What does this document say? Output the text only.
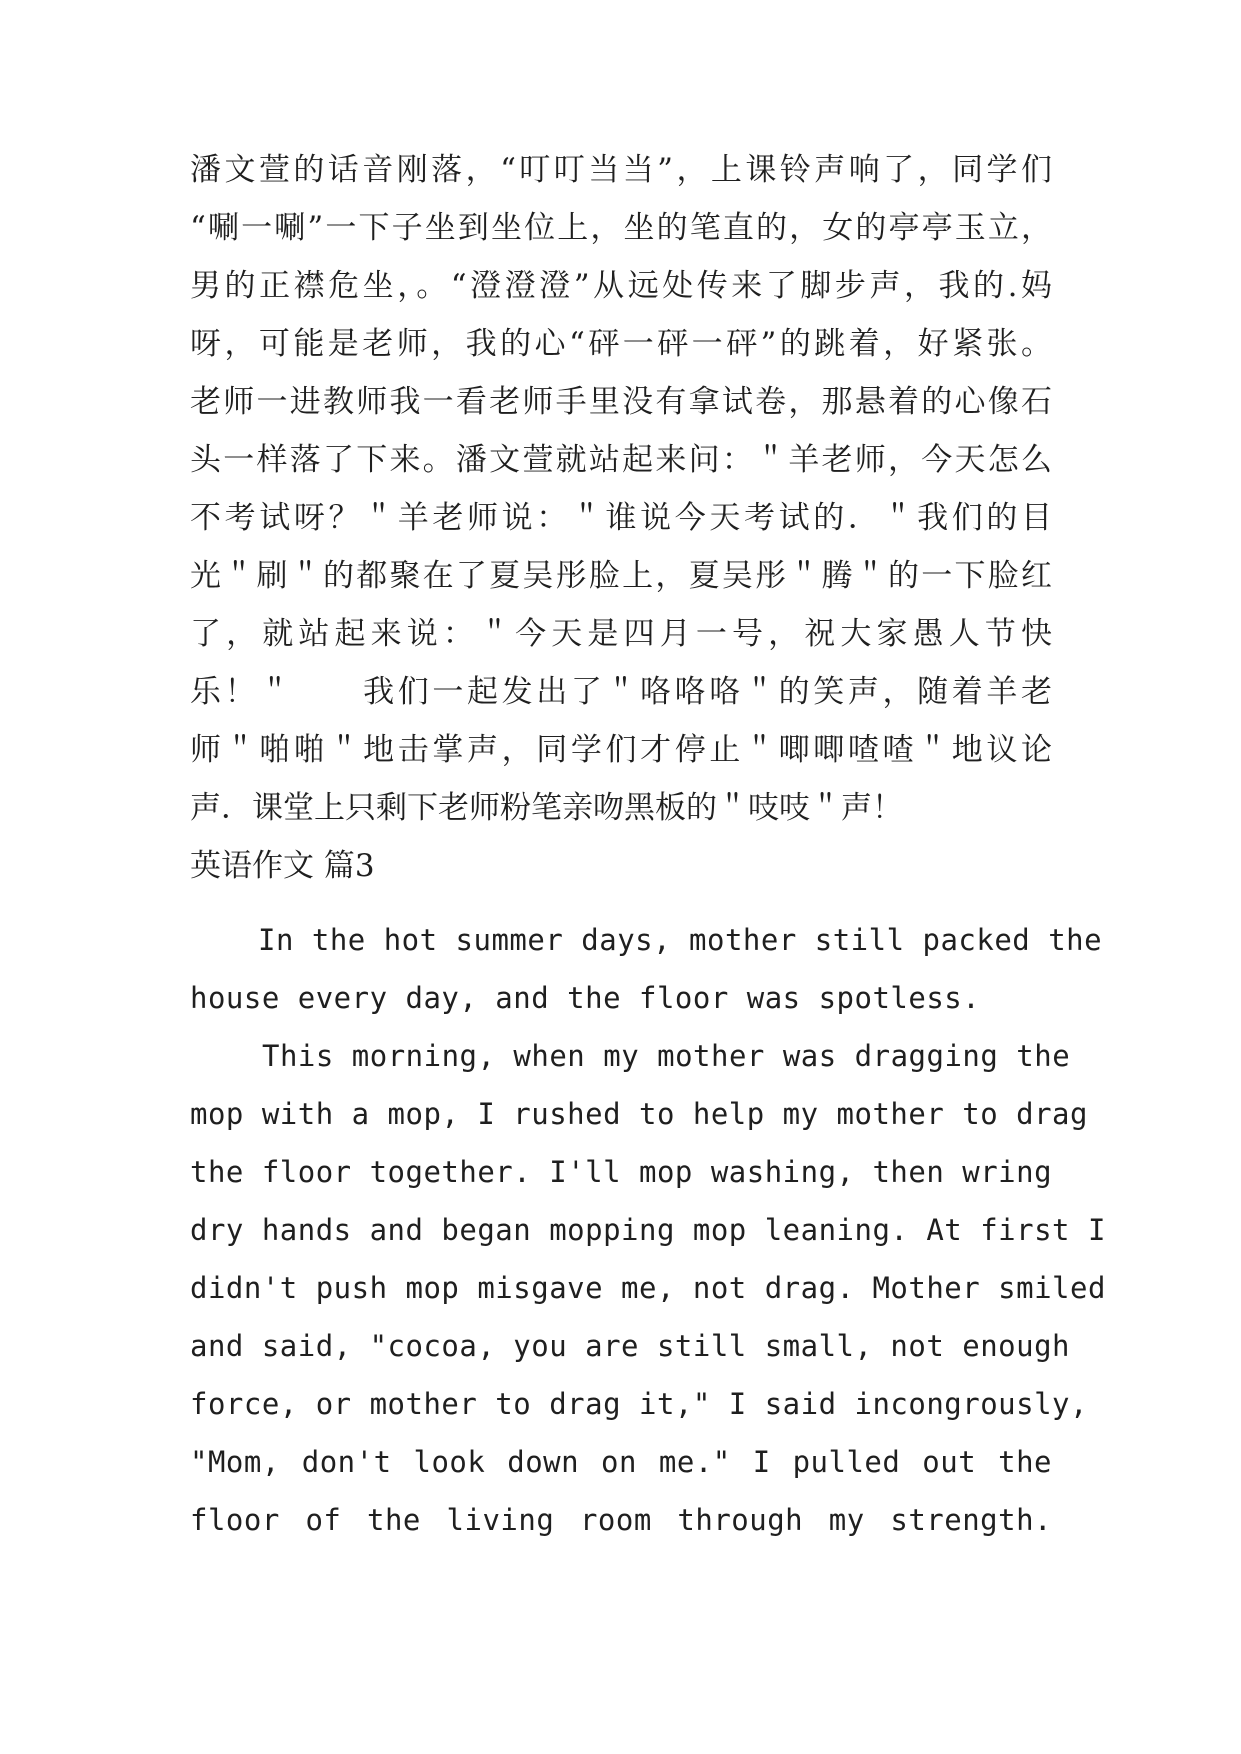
潘文萱的话音刚落，“叮叮当当”，上课铃声响了，同学们
“唰一唰”一下子坐到坐位上，坐的笔直的，女的亭亭玉立，
男的正襟危坐，。“澄澄澄”从远处传来了脚步声，我的.妈
呀，可能是老师，我的心“砰一砰一砰”的跳着，好紧张。
老师一进教师我一看老师手里没有拿试卷，那悬着的心像石
头一样落了下来。潘文萱就站起来问：＂羊老师，今天怎么
不考试呀？＂羊老师说：＂谁说今天考试的．＂我们的目
光＂刷＂的都聚在了夏吴彤脸上，夏吴彤＂腾＂的一下脸红
了，就站起来说：＂今天是四月一号，祝大家愚人节快
乐！＂　　我们一起发出了＂咯咯咯＂的笑声，随着羊老
师＂啪啪＂地击掌声，同学们才停止＂唧唧喳喳＂地议论
声．课堂上只剩下老师粉笔亲吻黑板的＂吱吱＂声！
英语作文 篇3
In the hot summer days, mother still packed the
house every day, and the floor was spotless.
This morning, when my mother was dragging the
mop with a mop, I rushed to help my mother to drag
the floor together. I'll mop washing, then wring
dry hands and began mopping mop leaning. At first I
didn't push mop misgave me, not drag. Mother smiled
and said, "cocoa, you are still small, not enough
force, or mother to drag it," I said incongrously,
"Mom, don't look down on me." I pulled out the
floor of the living room through my strength.
